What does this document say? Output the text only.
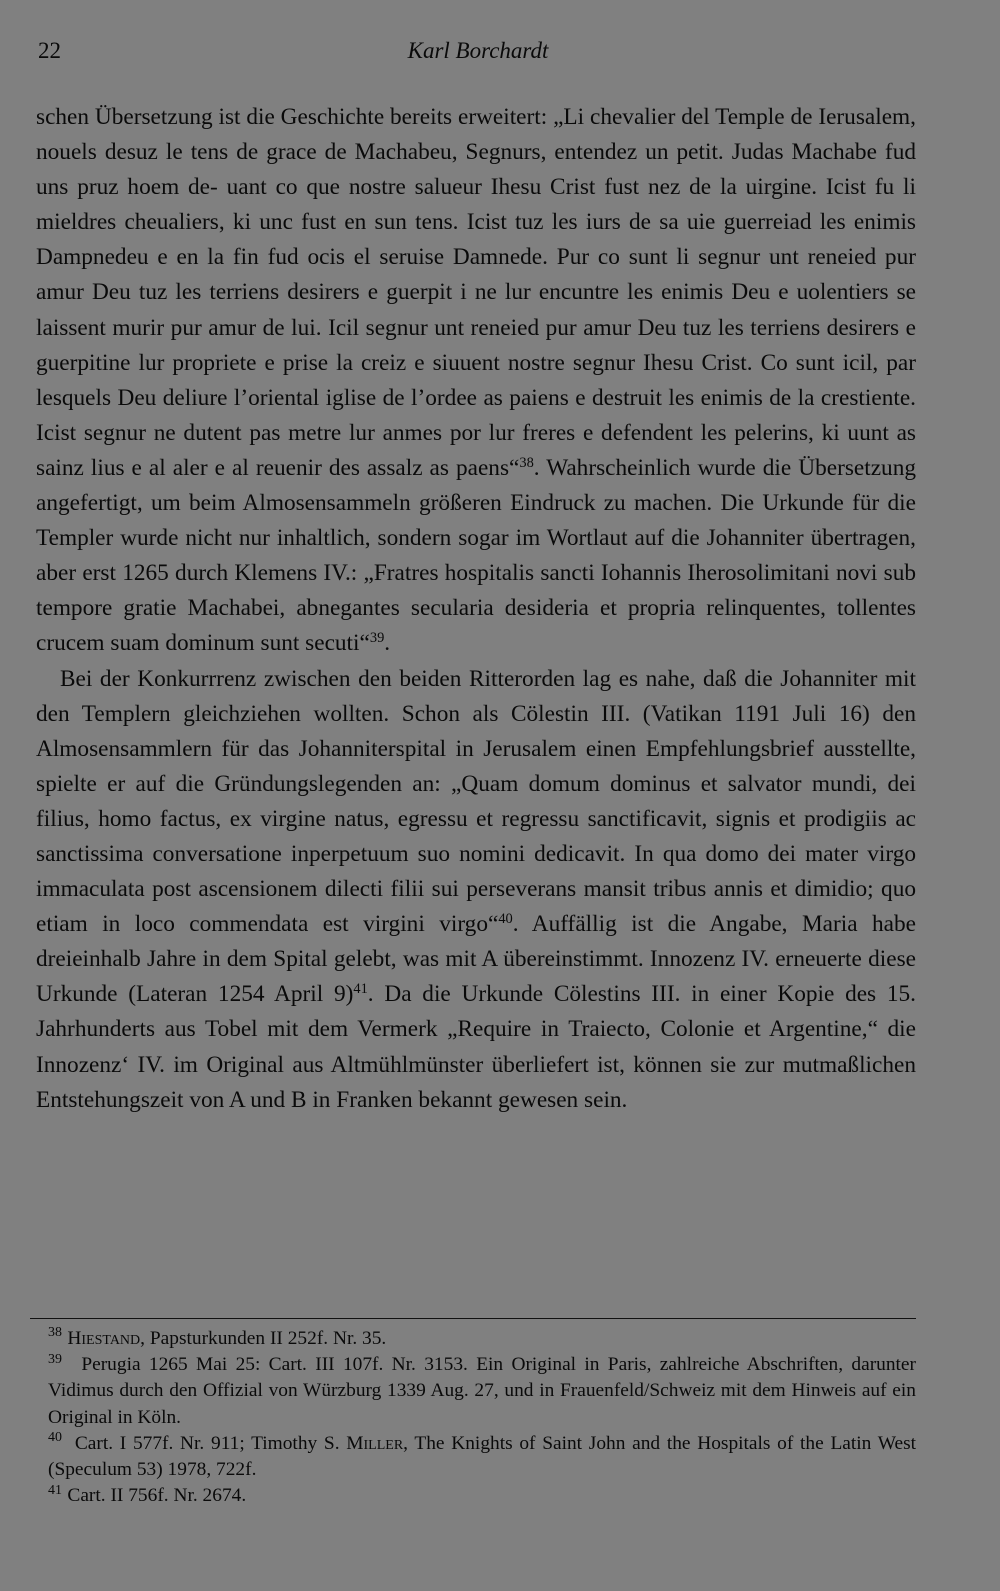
22	Karl Borchardt

schen Übersetzung ist die Geschichte bereits erweitert: „Li chevalier del Temple de Ierusalem, nouels desuz le tens de grace de Machabeu, Segnurs, entendez un petit. Judas Machabe fud uns pruz hoem de- uant co que nostre salueur Ihesu Crist fust nez de la uirgine. Icist fu li mieldres cheualiers, ki unc fust en sun tens. Icist tuz les iurs de sa uie guerreiad les enimis Dampnedeu e en la fin fud ocis el seruise Damnede. Pur co sunt li segnur unt reneied pur amur Deu tuz les terriens desirers e guerpit i ne lur encuntre les enimis Deu e uolentiers se laissent murir pur amur de lui. Icil segnur unt reneied pur amur Deu tuz les terriens desirers e guerpitine lur propriete e prise la creiz e siuuent nostre segnur Ihesu Crist. Co sunt icil, par lesquels Deu deliure l’oriental iglise de l’ordee as paiens e destruit les enimis de la crestiente. Icist segnur ne dutent pas metre lur anmes por lur freres e defendent les pelerins, ki uunt as sainz lius e al aler e al reuenir des assalz as paens“$^{38}$. Wahrscheinlich wurde die Übersetzung angefertigt, um beim Almosensammeln größeren Eindruck zu machen. Die Urkunde für die Templer wurde nicht nur inhaltlich, sondern sogar im Wortlaut auf die Johanniter übertragen, aber erst 1265 durch Klemens IV.: „Fratres hospitalis sancti Iohannis Iherosolimitani novi sub tempore gratie Machabei, abnegantes secularia desideria et propria relinquentes, tollentes crucem suam dominum sunt secuti“$^{39}$.

Bei der Konkurrrenz zwischen den beiden Ritterorden lag es nahe, daß die Johanniter mit den Templern gleichziehen wollten. Schon als Cölestin III. (Vatikan 1191 Juli 16) den Almosensammlern für das Johanniterspital in Jerusalem einen Empfehlungsbrief ausstellte, spielte er auf die Gründungslegenden an: „Quam domum dominus et salvator mundi, dei filius, homo factus, ex virgine natus, egressu et regressu sanctificavit, signis et prodigiis ac sanctissima conversatione inperpetuum suo nomini dedicavit. In qua domo dei mater virgo immaculata post ascensionem dilecti filii sui perseverans mansit tribus annis et dimidio; quo etiam in loco commendata est virgini virgo“$^{40}$. Auffällig ist die Angabe, Maria habe dreieinhalb Jahre in dem Spital gelebt, was mit A übereinstimmt. Innozenz IV. erneuerte diese Urkunde (Lateran 1254 April 9)$^{41}$. Da die Urkunde Cölestins III. in einer Kopie des 15. Jahrhunderts aus Tobel mit dem Vermerk „Require in Traiecto, Colonie et Argentine,“ die Innozenz‘ IV. im Original aus Altmühlmünster überliefert ist, können sie zur mutmaßlichen Entstehungszeit von A und B in Franken bekannt gewesen sein.

$^{38}$ Hiestand, Papsturkunden II 252f. Nr. 35.
$^{39}$ Perugia 1265 Mai 25: Cart. III 107f. Nr. 3153. Ein Original in Paris, zahlreiche Abschriften, darunter Vidimus durch den Offizial von Würzburg 1339 Aug. 27, und in Frauenfeld/Schweiz mit dem Hinweis auf ein Original in Köln.
$^{40}$ Cart. I 577f. Nr. 911; Timothy S. Miller, The Knights of Saint John and the Hospitals of the Latin West (Speculum 53) 1978, 722f.
$^{41}$ Cart. II 756f. Nr. 2674.
